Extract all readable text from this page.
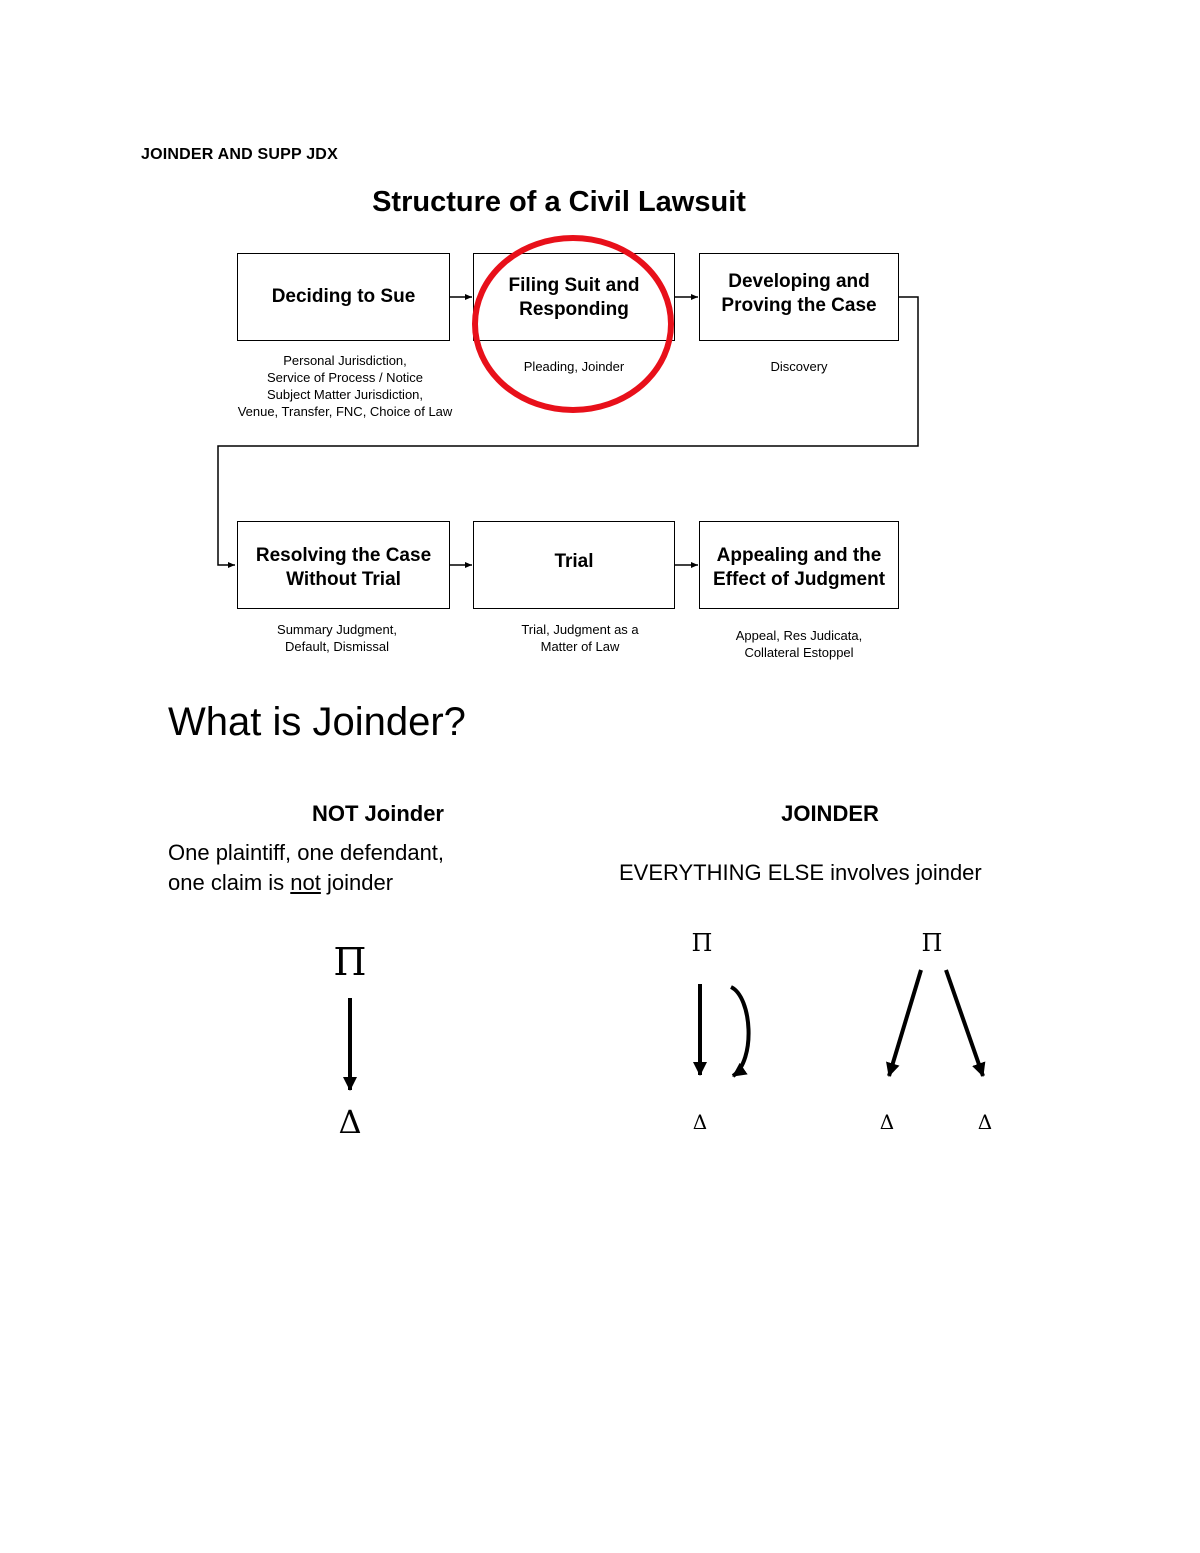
JOINDER AND SUPP JDX
Structure of a Civil Lawsuit
Deciding to Sue
Filing Suit and
Responding
Developing and
Proving the Case
Resolving the Case
Without Trial
Trial	Appealing and the
Effect of Judgment
Personal Jurisdiction,
Service of Process / Notice
Subject Matter Jurisdiction,
Venue, Transfer, FNC, Choice of Law
Pleading, Joinder	Discovery
Summary Judgment,
Default, Dismissal
Trial, Judgment as a
Matter of Law
Appeal, Res Judicata,
Collateral Estoppel
What is Joinder?
NOT Joinder
One plaintiff, one defendant,
one claim is not joinder
JOINDER
EVERYTHING ELSE involves joinder
Π
Δ
Π
Δ
Π
Δ	Δ
